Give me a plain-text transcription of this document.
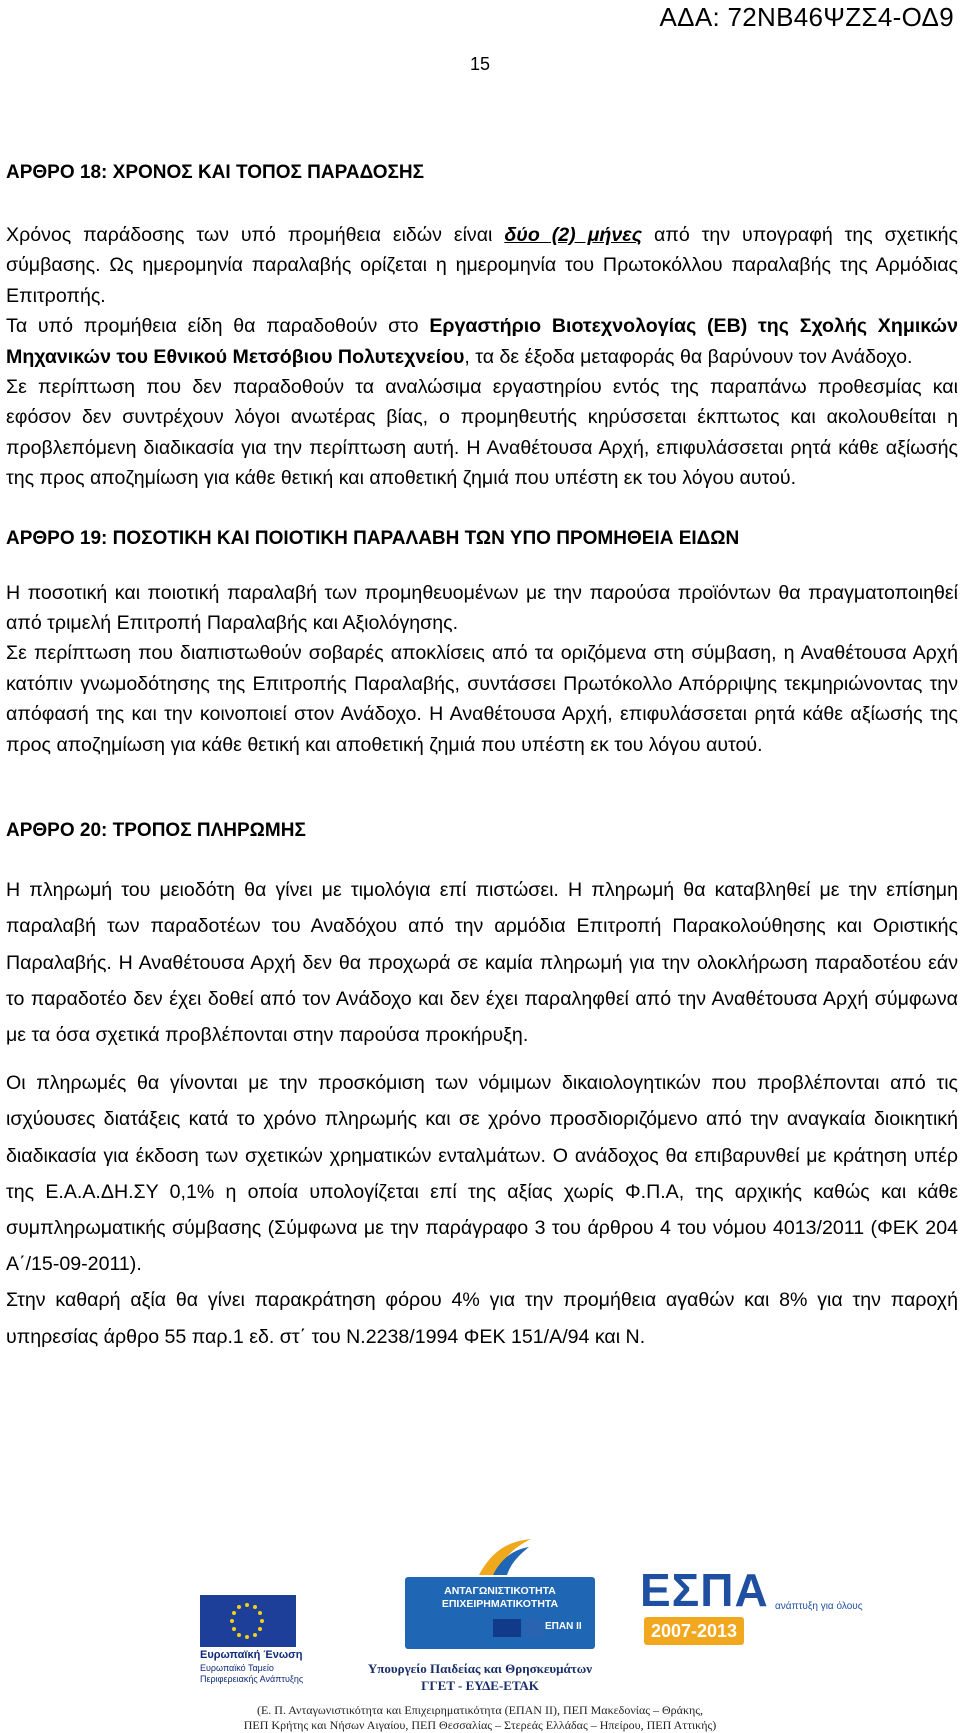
ΑΔΑ: 72ΝΒ46ΨΖΣ4-ΟΔ9
15
ΑΡΘΡΟ 18: ΧΡΟΝΟΣ ΚΑΙ ΤΟΠΟΣ ΠΑΡΑΔΟΣΗΣ

Χρόνος παράδοσης των υπό προμήθεια ειδών είναι δύο (2) μήνες από την υπογραφή της σχετικής σύμβασης. Ως ημερομηνία παραλαβής ορίζεται η ημερομηνία του Πρωτοκόλλου παραλαβής της Αρμόδιας Επιτροπής.

Τα υπό προμήθεια είδη θα παραδοθούν στο Εργαστήριο Βιοτεχνολογίας (ΕΒ) της Σχολής Χημικών Μηχανικών του Εθνικού Μετσόβιου Πολυτεχνείου, τα δε έξοδα μεταφοράς θα βαρύνουν τον Ανάδοχο.

Σε περίπτωση που δεν παραδοθούν τα αναλώσιμα εργαστηρίου εντός της παραπάνω προθεσμίας και εφόσον δεν συντρέχουν λόγοι ανωτέρας βίας, ο προμηθευτής κηρύσσεται έκπτωτος και ακολουθείται η προβλεπόμενη διαδικασία για την περίπτωση αυτή. Η Αναθέτουσα Αρχή, επιφυλάσσεται ρητά κάθε αξίωσής της προς αποζημίωση για κάθε θετική και αποθετική ζημιά που υπέστη εκ του λόγου αυτού.

ΑΡΘΡΟ 19: ΠΟΣΟΤΙΚΗ ΚΑΙ ΠΟΙΟΤΙΚΗ ΠΑΡΑΛΑΒΗ ΤΩΝ ΥΠΟ ΠΡΟΜΗΘΕΙΑ ΕΙΔΩΝ

Η ποσοτική και ποιοτική παραλαβή των προμηθευομένων με την παρούσα προϊόντων θα πραγματοποιηθεί από τριμελή Επιτροπή Παραλαβής και Αξιολόγησης.

Σε περίπτωση που διαπιστωθούν σοβαρές αποκλίσεις από τα οριζόμενα στη σύμβαση, η Αναθέτουσα Αρχή κατόπιν γνωμοδότησης της Επιτροπής Παραλαβής, συντάσσει Πρωτόκολλο Απόρριψης τεκμηριώνοντας την απόφασή της και την κοινοποιεί στον Ανάδοχο. Η Αναθέτουσα Αρχή, επιφυλάσσεται ρητά κάθε αξίωσής της προς αποζημίωση για κάθε θετική και αποθετική ζημιά που υπέστη εκ του λόγου αυτού.

ΑΡΘΡΟ 20: ΤΡΟΠΟΣ ΠΛΗΡΩΜΗΣ

Η πληρωμή του μειοδότη θα γίνει με τιμολόγια επί πιστώσει. Η πληρωμή θα καταβληθεί με την επίσημη παραλαβή των παραδοτέων του Αναδόχου από την αρμόδια Επιτροπή Παρακολούθησης και Οριστικής Παραλαβής. Η Αναθέτουσα Αρχή δεν θα προχωρά σε καμία πληρωμή για την ολοκλήρωση παραδοτέου εάν το παραδοτέο δεν έχει δοθεί από τον Ανάδοχο και δεν έχει παραληφθεί από την Αναθέτουσα Αρχή σύμφωνα με τα όσα σχετικά προβλέπονται στην παρούσα προκήρυξη.

Οι πληρωμές θα γίνονται με την προσκόμιση των νόμιμων δικαιολογητικών που προβλέπονται από τις ισχύουσες διατάξεις κατά το χρόνο πληρωμής και σε χρόνο προσδιοριζόμενο από την αναγκαία διοικητική διαδικασία για έκδοση των σχετικών χρηματικών ενταλμάτων. Ο ανάδοχος θα επιβαρυνθεί με κράτηση υπέρ της Ε.Α.Α.ΔΗ.ΣΥ 0,1% η οποία υπολογίζεται επί της αξίας χωρίς Φ.Π.Α, της αρχικής καθώς και κάθε συμπληρωματικής σύμβασης (Σύμφωνα με την παράγραφο 3 του άρθρου 4 του νόμου 4013/2011 (ΦΕΚ 204 Α΄/15-09-2011).

Στην καθαρή αξία θα γίνει παρακράτηση φόρου 4% για την προμήθεια αγαθών και 8% για την παροχή υπηρεσίας άρθρο 55 παρ.1 εδ. στ΄ του Ν.2238/1994 ΦΕΚ 151/Α/94 και Ν.

Ευρωπαϊκή Ένωση
Ευρωπαϊκό Ταμείο Περιφερειακής Ανάπτυξης
ΑΝΤΑΓΩΝΙΣΤΙΚΟΤΗΤΑ ΕΠΙΧΕΙΡΗΜΑΤΙΚΟΤΗΤΑ
ΕΠΑΝ ΙΙ
η ευρώπη στο επίκεντρο της ανάπτυξης
ΕΣΠΑ
2007-2013
ανάπτυξη για όλους
Υπουργείο Παιδείας και Θρησκευμάτων
ΓΓΕΤ - ΕΥΔΕ-ΕΤΑΚ
(Ε. Π. Ανταγωνιστικότητα και Επιχειρηματικότητα (ΕΠΑΝ ΙΙ), ΠΕΠ Μακεδονίας – Θράκης,
ΠΕΠ Κρήτης και Νήσων Αιγαίου, ΠΕΠ Θεσσαλίας – Στερεάς Ελλάδας – Ηπείρου, ΠΕΠ Αττικής)
